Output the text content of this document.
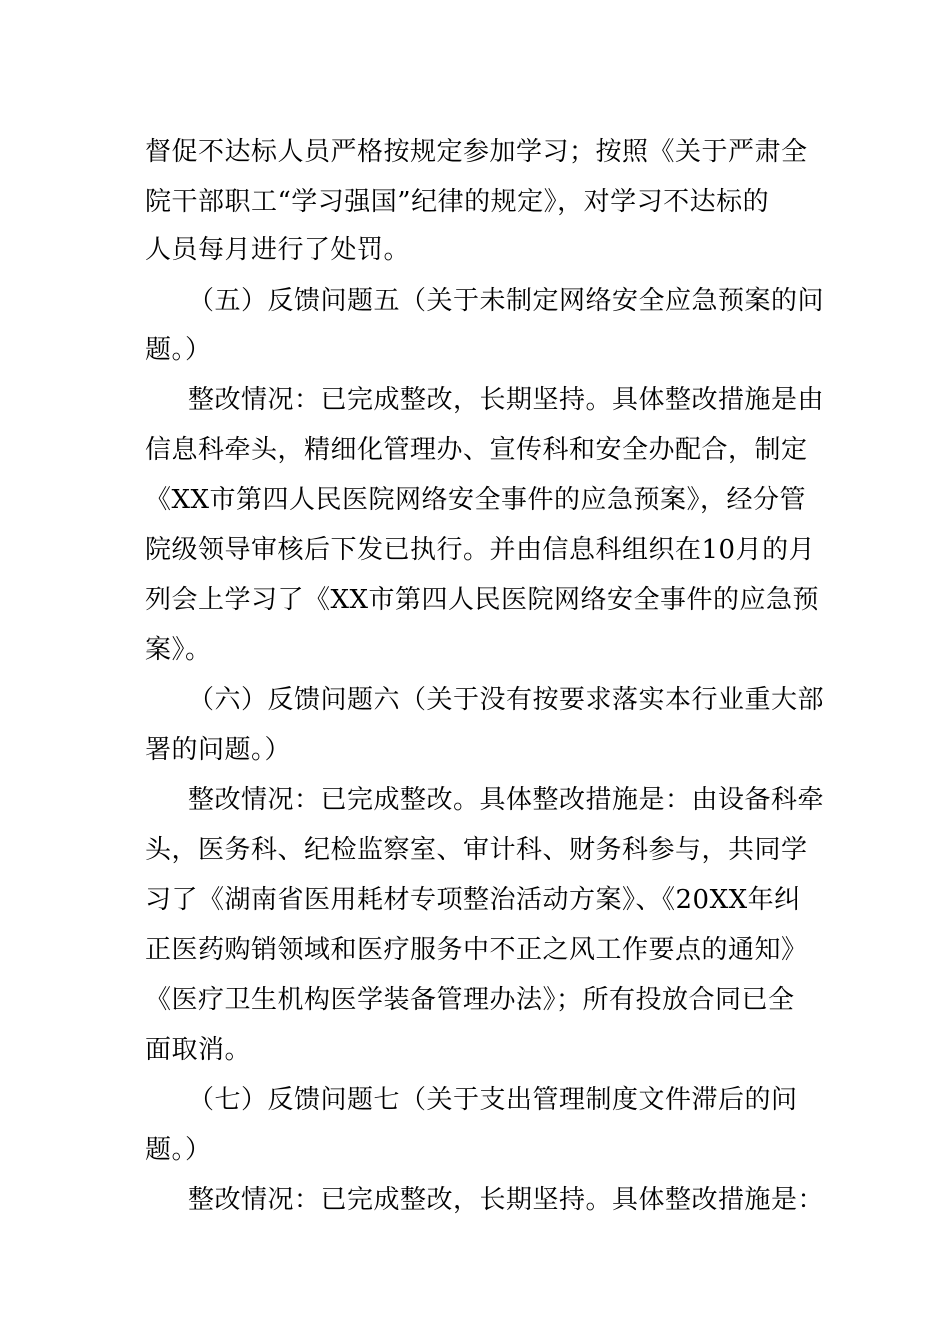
督促不达标人员严格按规定参加学习；按照《关于严肃全
院干部职工“学习强国”纪律的规定》，对学习不达标的
人员每月进行了处罚。
（五）反馈问题五（关于未制定网络安全应急预案的问
题。）
整改情况：已完成整改，长期坚持。具体整改措施是由
信息科牵头，精细化管理办、宣传科和安全办配合，制定
《XX市第四人民医院网络安全事件的应急预案》，经分管
院级领导审核后下发已执行。并由信息科组织在10月的月
列会上学习了《XX市第四人民医院网络安全事件的应急预
案》。
（六）反馈问题六（关于没有按要求落实本行业重大部
署的问题。）
整改情况：已完成整改。具体整改措施是：由设备科牵
头，医务科、纪检监察室、审计科、财务科参与，共同学
习了《湖南省医用耗材专项整治活动方案》、《20XX年纠
正医药购销领域和医疗服务中不正之风工作要点的通知》
《医疗卫生机构医学装备管理办法》；所有投放合同已全
面取消。
（七）反馈问题七（关于支出管理制度文件滞后的问
题。）
整改情况：已完成整改，长期坚持。具体整改措施是：
